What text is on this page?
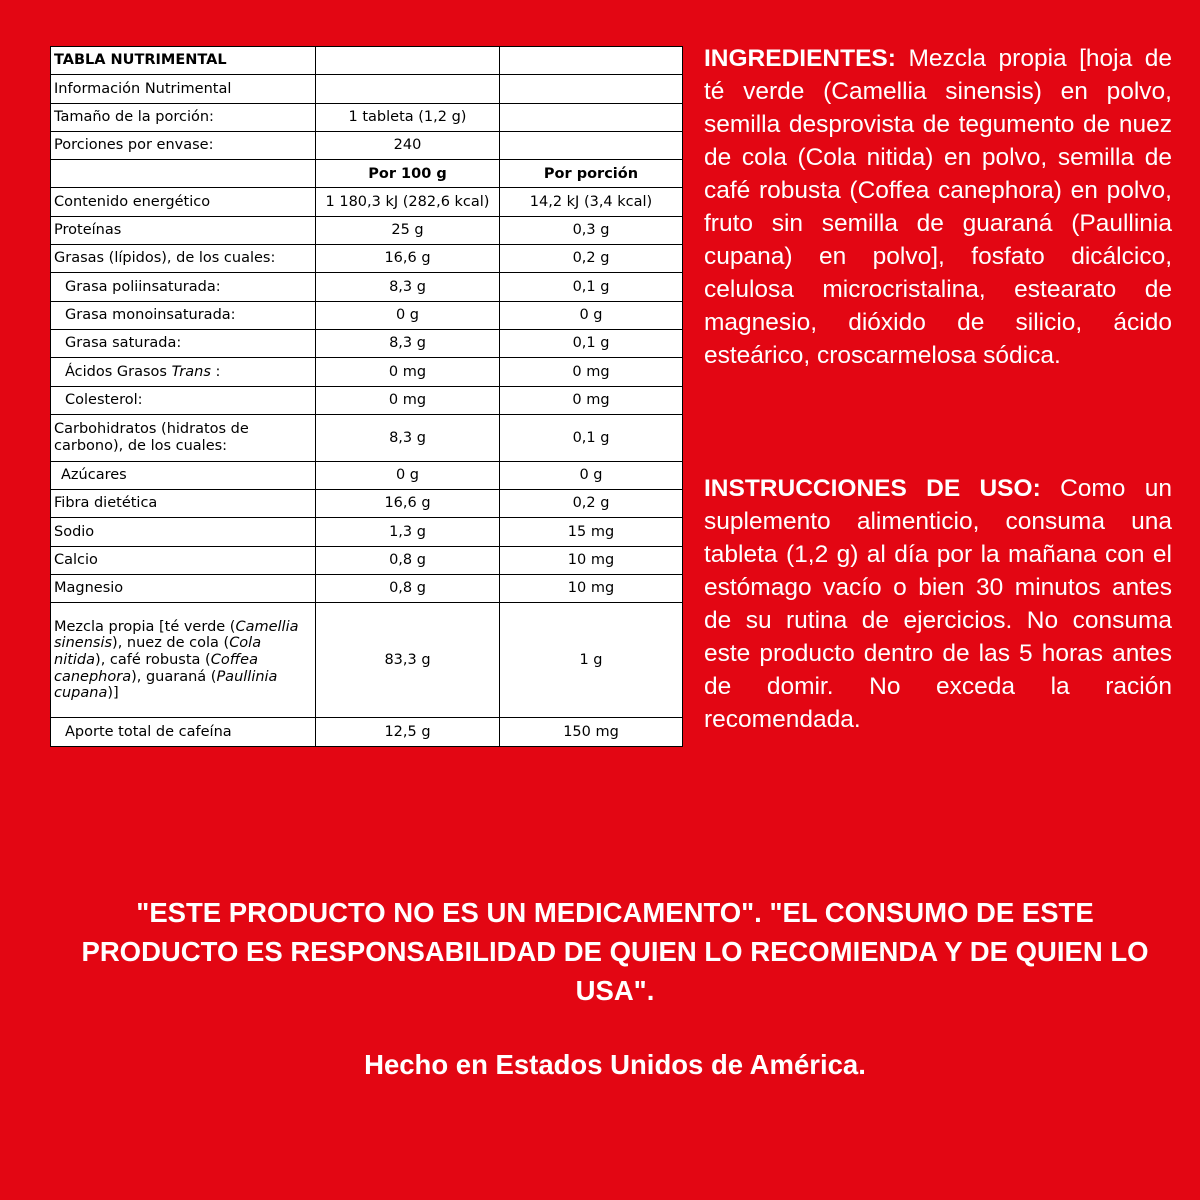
TABLA NUTRIMENTAL		
Información Nutrimental		
Tamaño de la porción:	1 tableta (1,2 g)	
Porciones por envase:	240	
	Por 100 g	Por porción
Contenido energético	1 180,3 kJ (282,6 kcal)	14,2 kJ (3,4 kcal)
Proteínas	25 g	0,3 g
Grasas (lípidos), de los cuales:	16,6 g	0,2 g
Grasa poliinsaturada:	8,3 g	0,1 g
Grasa monoinsaturada:	0 g	0 g
Grasa saturada:	8,3 g	0,1 g
Ácidos Grasos Trans :	0 mg	0 mg
Colesterol:	0 mg	0 mg
Carbohidratos (hidratos de carbono), de los cuales:	8,3 g	0,1 g
Azúcares	0 g	0 g
Fibra dietética	16,6 g	0,2 g
Sodio	1,3 g	15 mg
Calcio	0,8 g	10 mg
Magnesio	0,8 g	10 mg
Mezcla propia [té verde (Camellia sinensis), nuez de cola (Cola nitida), café robusta (Coffea canephora), guaraná (Paullinia cupana)]	83,3 g	1 g
Aporte total de cafeína	12,5 g	150 mg

INGREDIENTES: Mezcla propia [hoja de té verde (Camellia sinensis) en polvo, semilla desprovista de tegumento de nuez de cola (Cola nitida) en polvo, semilla de café robusta (Coffea canephora) en polvo, fruto sin semilla de guaraná (Paullinia cupana) en polvo], fosfato dicálcico, celulosa microcristalina, estearato de magnesio, dióxido de silicio, ácido esteárico, croscarmelosa sódica.

INSTRUCCIONES DE USO: Como un suplemento alimenticio, consuma una tableta (1,2 g) al día por la mañana con el estómago vacío o bien 30 minutos antes de su rutina de ejercicios. No consuma este producto dentro de las 5 horas antes de domir. No exceda la ración recomendada.

"ESTE PRODUCTO NO ES UN MEDICAMENTO". "EL CONSUMO DE ESTE PRODUCTO ES RESPONSABILIDAD DE QUIEN LO RECOMIENDA Y DE QUIEN LO USA".

Hecho en Estados Unidos de América.
